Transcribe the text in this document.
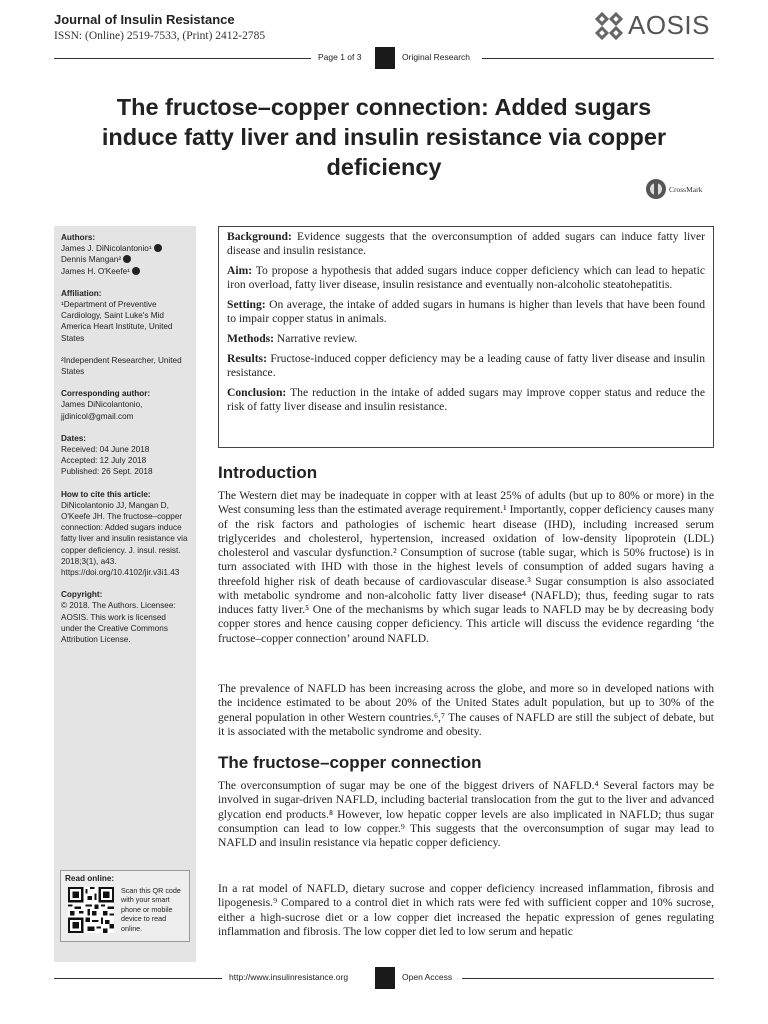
Journal of Insulin Resistance
ISSN: (Online) 2519-7533, (Print) 2412-2785	AOSIS
Page 1 of 3	Original Research
The fructose–copper connection: Added sugars induce fatty liver and insulin resistance via copper deficiency
CrossMark
Authors:
James J. DiNicolantonio¹
Dennis Mangan²
James H. O'Keefe¹
Affiliation:
¹Department of Preventive Cardiology, Saint Luke's Mid America Heart Institute, United States
²Independent Researcher, United States
Corresponding author:
James DiNicolantonio,
jjdinicol@gmail.com
Dates:
Received: 04 June 2018
Accepted: 12 July 2018
Published: 26 Sept. 2018
How to cite this article:
DiNicolantonio JJ, Mangan D, O'Keefe JH. The fructose–copper connection: Added sugars induce fatty liver and insulin resistance via copper deficiency. J. insul. resist. 2018;3(1), a43. https://doi.org/10.4102/jir.v3i1.43
Copyright:
© 2018. The Authors. Licensee: AOSIS. This work is licensed under the Creative Commons Attribution License.
Read online:
Scan this QR code with your smart phone or mobile device to read online.

Background: Evidence suggests that the overconsumption of added sugars can induce fatty liver disease and insulin resistance.

Aim: To propose a hypothesis that added sugars induce copper deficiency which can lead to hepatic iron overload, fatty liver disease, insulin resistance and eventually non-alcoholic steatohepatitis.

Setting: On average, the intake of added sugars in humans is higher than levels that have been found to impair copper status in animals.

Methods: Narrative review.

Results: Fructose-induced copper deficiency may be a leading cause of fatty liver disease and insulin resistance.

Conclusion: The reduction in the intake of added sugars may improve copper status and reduce the risk of fatty liver disease and insulin resistance.

Introduction

The Western diet may be inadequate in copper with at least 25% of adults (but up to 80% or more) in the West consuming less than the estimated average requirement.¹ Importantly, copper deficiency causes many of the risk factors and pathologies of ischemic heart disease (IHD), including increased serum triglycerides and cholesterol, hypertension, increased oxidation of low-density lipoprotein (LDL) cholesterol and vascular dysfunction.² Consumption of sucrose (table sugar, which is 50% fructose) is in turn associated with IHD with those in the highest levels of consumption of added sugars having a threefold higher risk of death because of cardiovascular disease.³ Sugar consumption is also associated with metabolic syndrome and non-alcoholic fatty liver disease⁴ (NAFLD); thus, feeding sugar to rats induces fatty liver.⁵ One of the mechanisms by which sugar leads to NAFLD may be by decreasing body copper stores and hence causing copper deficiency. This article will discuss the evidence regarding ‘the fructose–copper connection’ around NAFLD.

The prevalence of NAFLD has been increasing across the globe, and more so in developed nations with the incidence estimated to be about 20% of the United States adult population, but up to 30% of the general population in other Western countries.⁶,⁷ The causes of NAFLD are still the subject of debate, but it is associated with the metabolic syndrome and obesity.

The fructose–copper connection

The overconsumption of sugar may be one of the biggest drivers of NAFLD.⁴ Several factors may be involved in sugar-driven NAFLD, including bacterial translocation from the gut to the liver and advanced glycation end products.⁸ However, low hepatic copper levels are also implicated in NAFLD; thus sugar consumption can lead to low copper.⁹ This suggests that the overconsumption of sugar may lead to NAFLD and insulin resistance via hepatic copper deficiency.

In a rat model of NAFLD, dietary sucrose and copper deficiency increased inflammation, fibrosis and lipogenesis.⁹ Compared to a control diet in which rats were fed with sufficient copper and 10% sucrose, either a high-sucrose diet or a low copper diet increased the hepatic expression of genes regulating inflammation and fibrosis. The low copper diet led to low serum and hepatic

http://www.insulinresistance.org	Open Access
